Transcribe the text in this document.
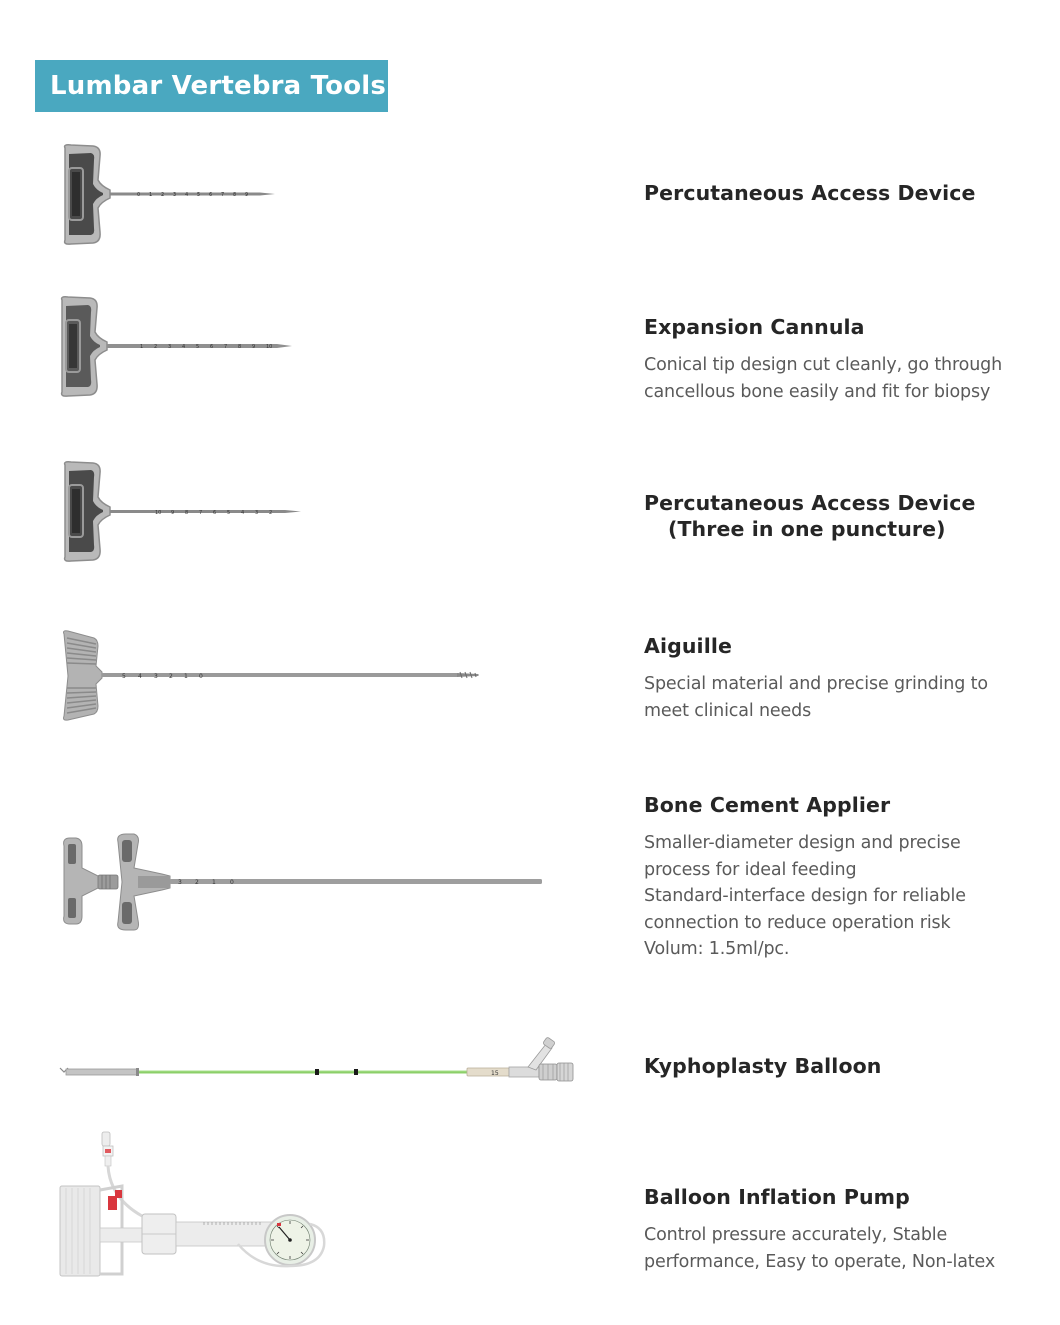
Lumbar Vertebra Tools
0 1 2 3 4 5 6 7 8 9	Percutaneous Access Device
1 2 3 4 5 6 7 8 9 10
Expansion Cannula
Conical tip design cut cleanly, go through
cancellous bone easily and fit for biopsy
10 9 8 7 6 5 4 3 2	Percutaneous Access Device
(Three in one puncture)
5 4 3 2 1 0
Aiguille
Special material and precise grinding to
meet clinical needs
3 2 1 0
Bone Cement Applier
Smaller-diameter design and precise
process for ideal feeding
Standard-interface design for reliable
connection to reduce operation risk
Volum: 1.5ml/pc.
15	Kyphoplasty Balloon
Balloon Inflation Pump
Control pressure accurately, Stable
performance, Easy to operate, Non-latex
